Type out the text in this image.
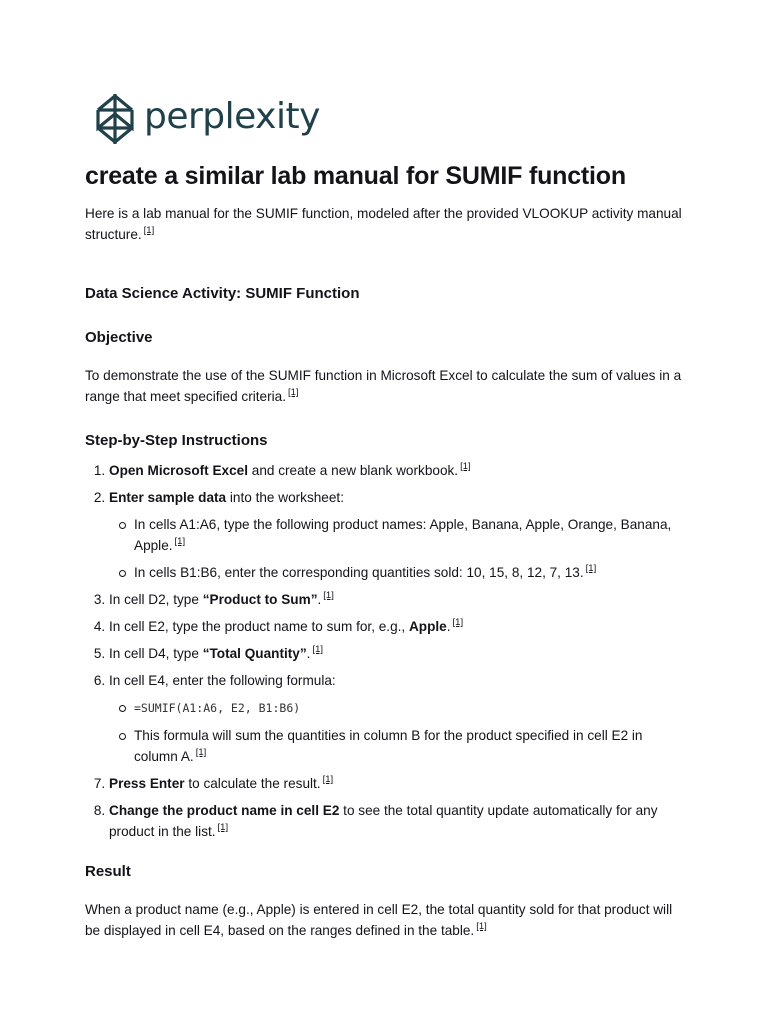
perplexity
create a similar lab manual for SUMIF function

Here is a lab manual for the SUMIF function, modeled after the provided VLOOKUP activity manual structure. [1]

Data Science Activity: SUMIF Function
Objective

To demonstrate the use of the SUMIF function in Microsoft Excel to calculate the sum of values in a range that meet specified criteria. [1]

Step-by-Step Instructions
1. Open Microsoft Excel and create a new blank workbook. [1]
2. Enter sample data into the worksheet:
In cells A1:A6, type the following product names: Apple, Banana, Apple, Orange, Banana, Apple. [1]
In cells B1:B6, enter the corresponding quantities sold: 10, 15, 8, 12, 7, 13. [1]
3. In cell D2, type “Product to Sum”. [1]
4. In cell E2, type the product name to sum for, e.g., Apple. [1]
5. In cell D4, type “Total Quantity”. [1]
6. In cell E4, enter the following formula:
=SUMIF(A1:A6, E2, B1:B6)
This formula will sum the quantities in column B for the product specified in cell E2 in column A. [1]
7. Press Enter to calculate the result. [1]
8. Change the product name in cell E2 to see the total quantity update automatically for any product in the list. [1]
Result

When a product name (e.g., Apple) is entered in cell E2, the total quantity sold for that product will be displayed in cell E4, based on the ranges defined in the table. [1]
